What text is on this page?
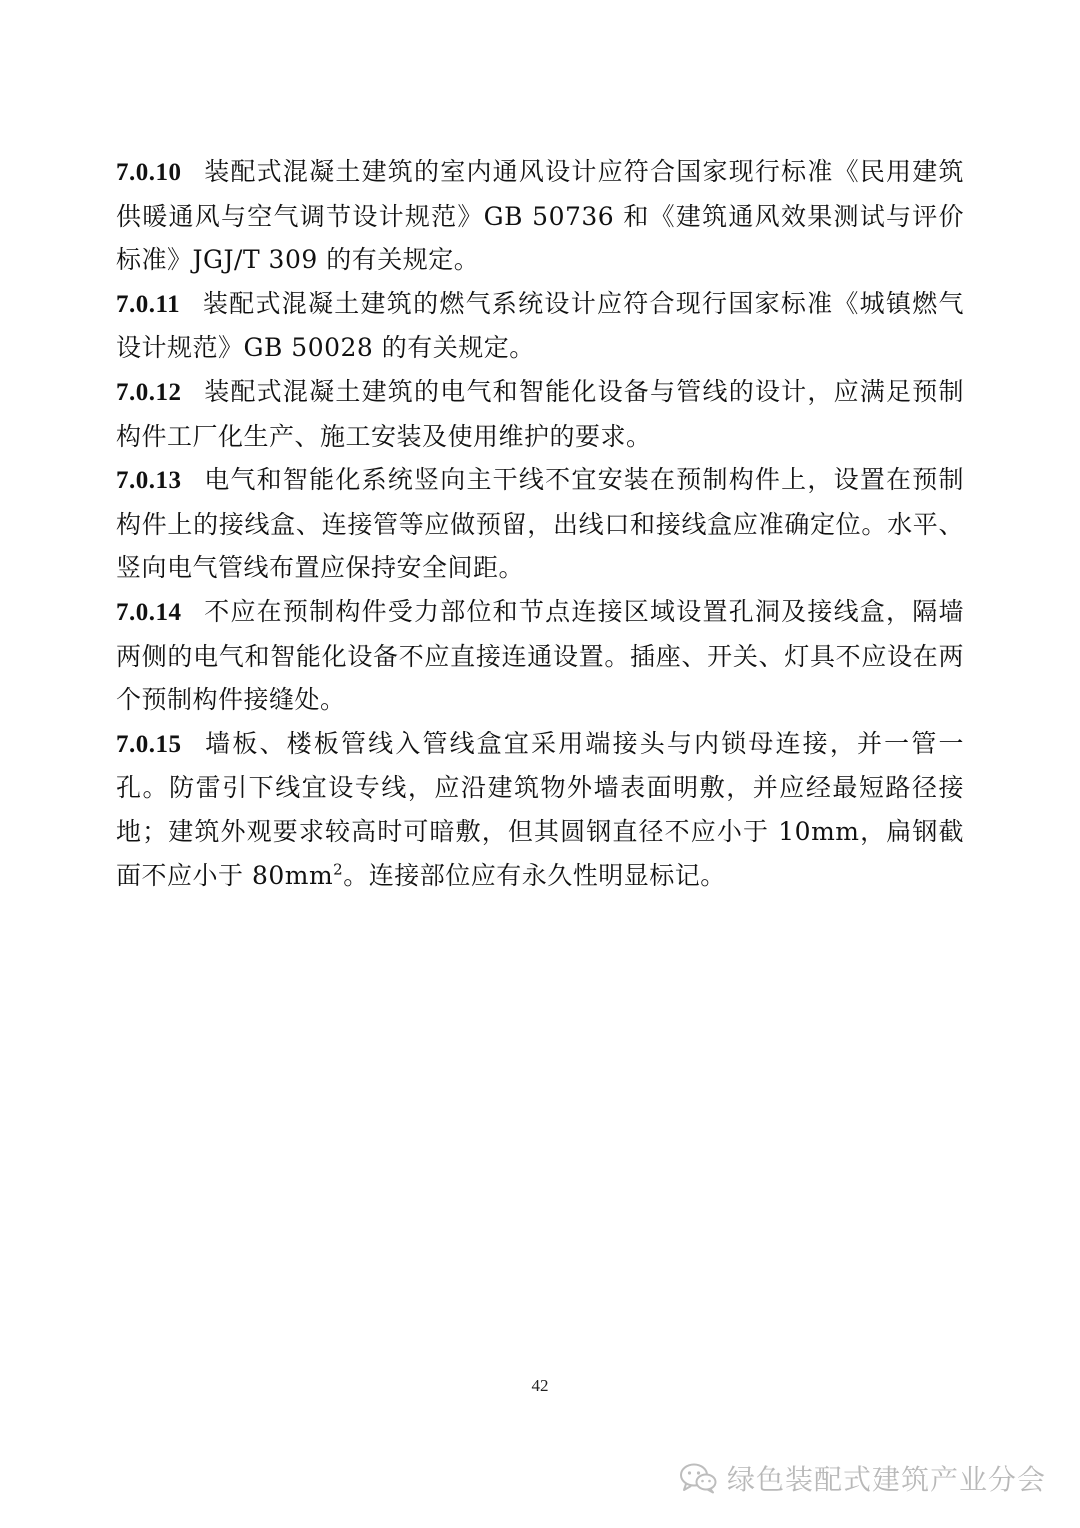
7.0.10 装配式混凝土建筑的室内通风设计应符合国家现行标准《民用建筑供暖通风与空气调节设计规范》GB 50736 和《建筑通风效果测试与评价标准》JGJ/T 309 的有关规定。

7.0.11 装配式混凝土建筑的燃气系统设计应符合现行国家标准《城镇燃气设计规范》GB 50028 的有关规定。

7.0.12 装配式混凝土建筑的电气和智能化设备与管线的设计，应满足预制构件工厂化生产、施工安装及使用维护的要求。

7.0.13 电气和智能化系统竖向主干线不宜安装在预制构件上，设置在预制构件上的接线盒、连接管等应做预留，出线口和接线盒应准确定位。水平、竖向电气管线布置应保持安全间距。

7.0.14 不应在预制构件受力部位和节点连接区域设置孔洞及接线盒，隔墙两侧的电气和智能化设备不应直接连通设置。插座、开关、灯具不应设在两个预制构件接缝处。

7.0.15 墙板、楼板管线入管线盒宜采用端接头与内锁母连接，并一管一孔。防雷引下线宜设专线，应沿建筑物外墙表面明敷，并应经最短路径接地；建筑外观要求较高时可暗敷，但其圆钢直径不应小于 10mm，扁钢截面不应小于 $80mm^2$。连接部位应有永久性明显标记。

42
绿色装配式建筑产业分会
